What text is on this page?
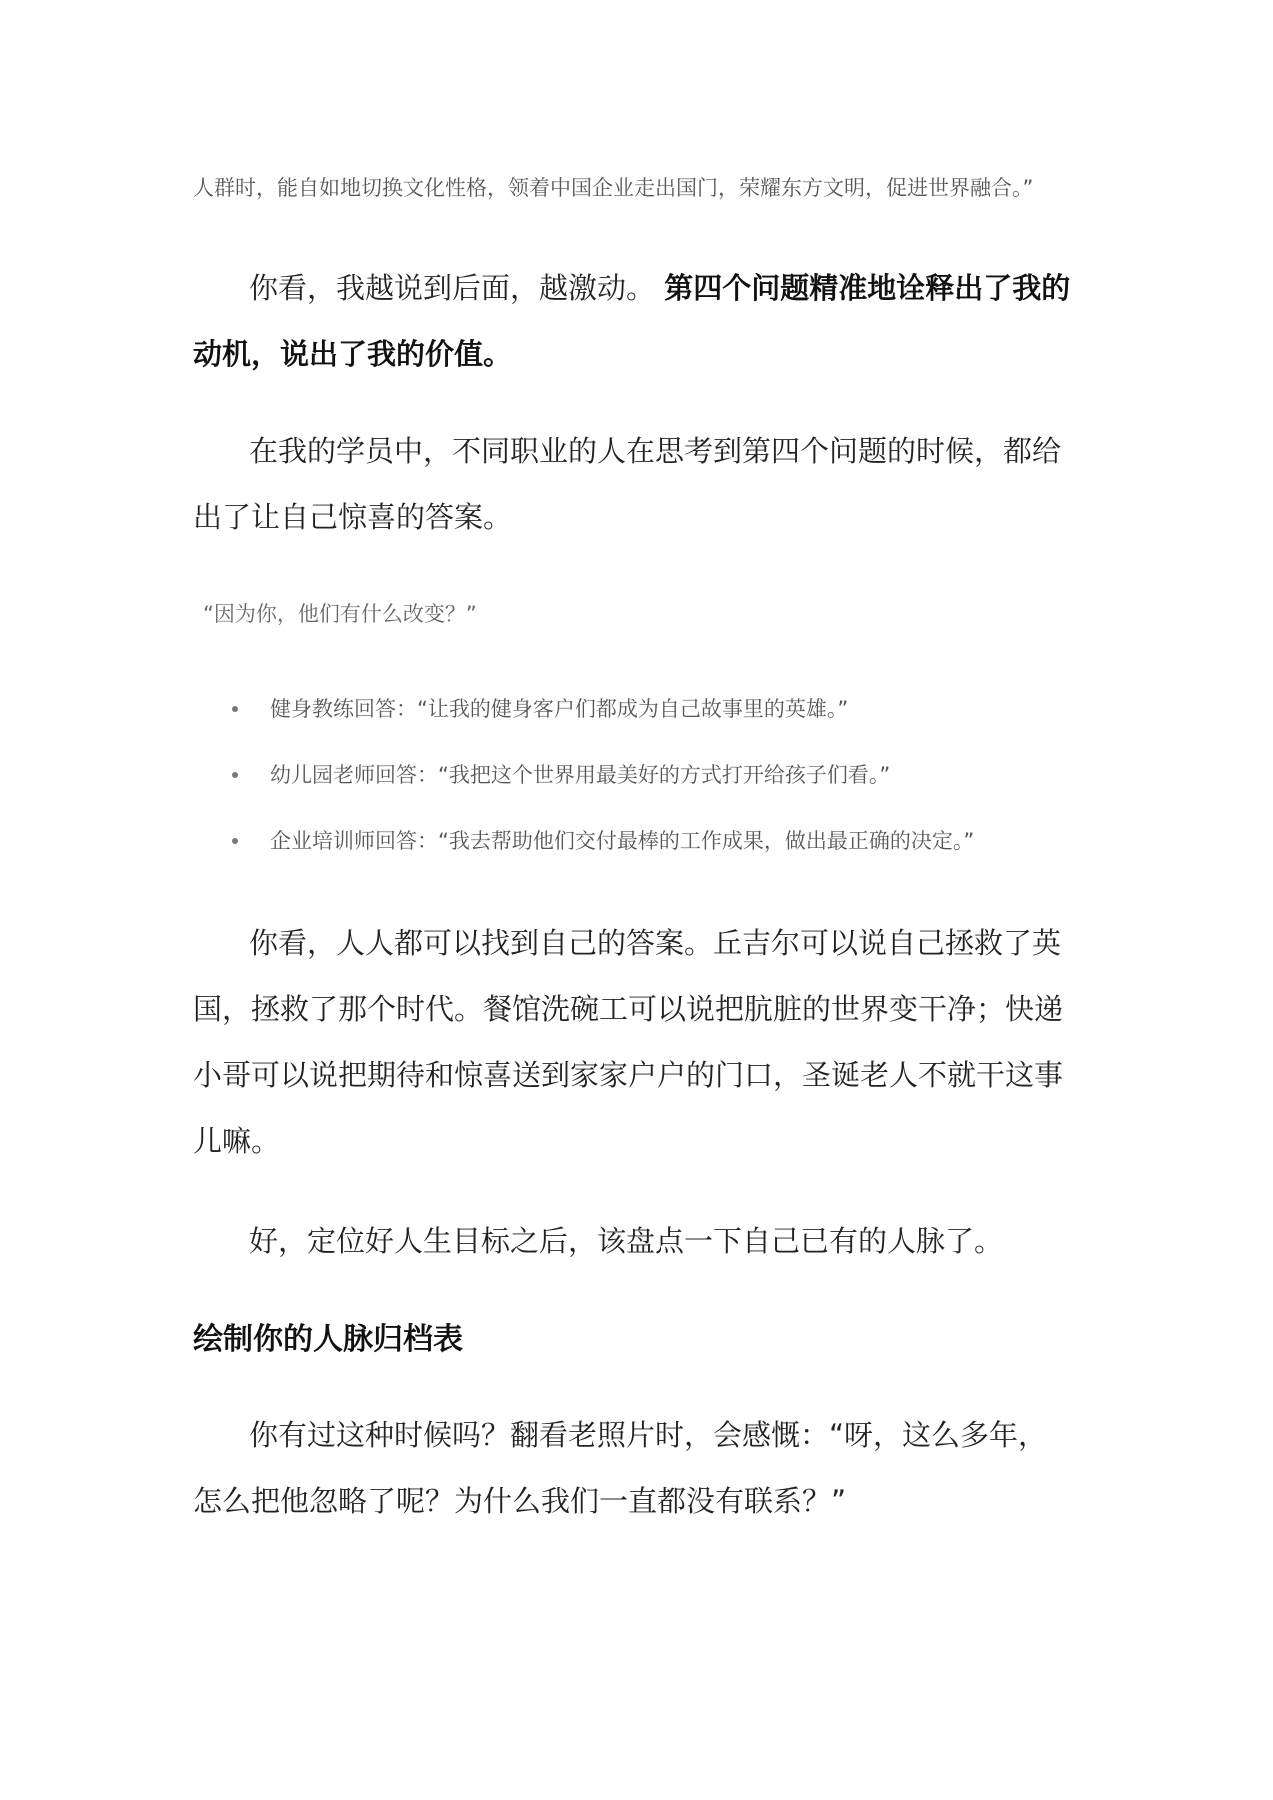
人群时，能自如地切换文化性格，领着中国企业走出国门，荣耀东方文明，促进世界融合。”

你看，我越说到后面，越激动。 第四个问题精准地诠释出了我的动机，说出了我的价值。

在我的学员中，不同职业的人在思考到第四个问题的时候，都给出了让自己惊喜的答案。

“因为你，他们有什么改变？”
健身教练回答：“让我的健身客户们都成为自己故事里的英雄。”
幼儿园老师回答：“我把这个世界用最美好的方式打开给孩子们看。”
企业培训师回答：“我去帮助他们交付最棒的工作成果，做出最正确的决定。”

你看，人人都可以找到自己的答案。丘吉尔可以说自己拯救了英国，拯救了那个时代。餐馆洗碗工可以说把肮脏的世界变干净；快递小哥可以说把期待和惊喜送到家家户户的门口，圣诞老人不就干这事儿嘛。

好，定位好人生目标之后，该盘点一下自己已有的人脉了。

绘制你的人脉归档表

你有过这种时候吗？翻看老照片时，会感慨：“呀，这么多年，怎么把他忽略了呢？为什么我们一直都没有联系？”
